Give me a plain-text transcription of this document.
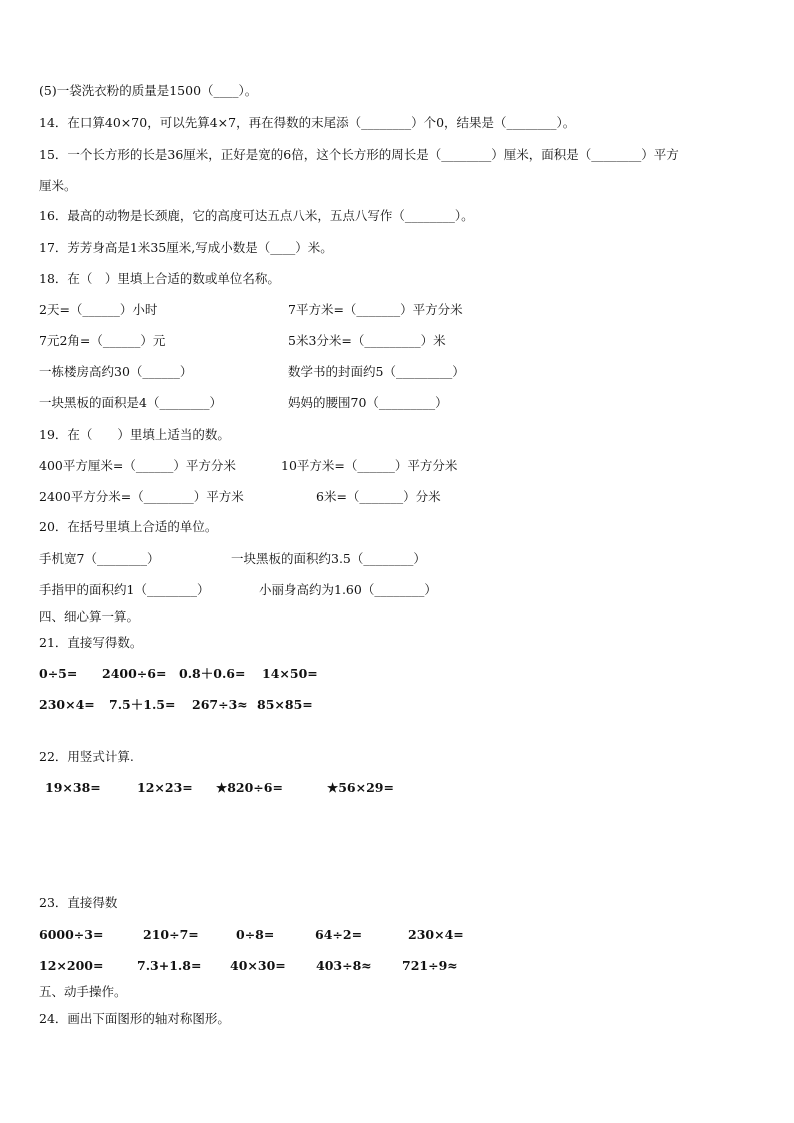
(5)一袋洗衣粉的质量是1500（____）。
14．在口算40×70，可以先算4×7，再在得数的末尾添（________）个0，结果是（________）。
15．一个长方形的长是36厘米，正好是宽的6倍，这个长方形的周长是（________）厘米，面积是（________）平方
厘米。
16．最高的动物是长颈鹿，它的高度可达五点八米，五点八写作（________）。
17．芳芳身高是1米35厘米,写成小数是（____）米。
18．在（　）里填上合适的数或单位名称。
2天=（______）小时	7平方米=（_______）平方分米
7元2角=（______）元	5米3分米=（_________）米
一栋楼房高约30（______）	数学书的封面约5（_________）
一块黑板的面积是4（________）	妈妈的腰围70（_________）
19．在（　　）里填上适当的数。
400平方厘米=（______）平方分米	10平方米=（______）平方分米
2400平方分米=（________）平方米	6米=（_______）分米
20．在括号里填上合适的单位。
手机宽7（________）	一块黑板的面积约3.5（________）
手指甲的面积约1（________）	小丽身高约为1.60（________）
四、细心算一算。
21．直接写得数。
0÷5= 2400÷6= 0.8＋0.6= 14×50=
230×4= 7.5＋1.5= 267÷3≈ 85×85=
22．用竖式计算.
19×38=	12×23= ★820÷6=	★56×29=
23．直接得数
6000÷3=	210÷7=	0÷8=	64÷2=	230×4=
12×200=	7.3+1.8= 40×30= 403÷8≈ 721÷9≈
五、动手操作。
24．画出下面图形的轴对称图形。
